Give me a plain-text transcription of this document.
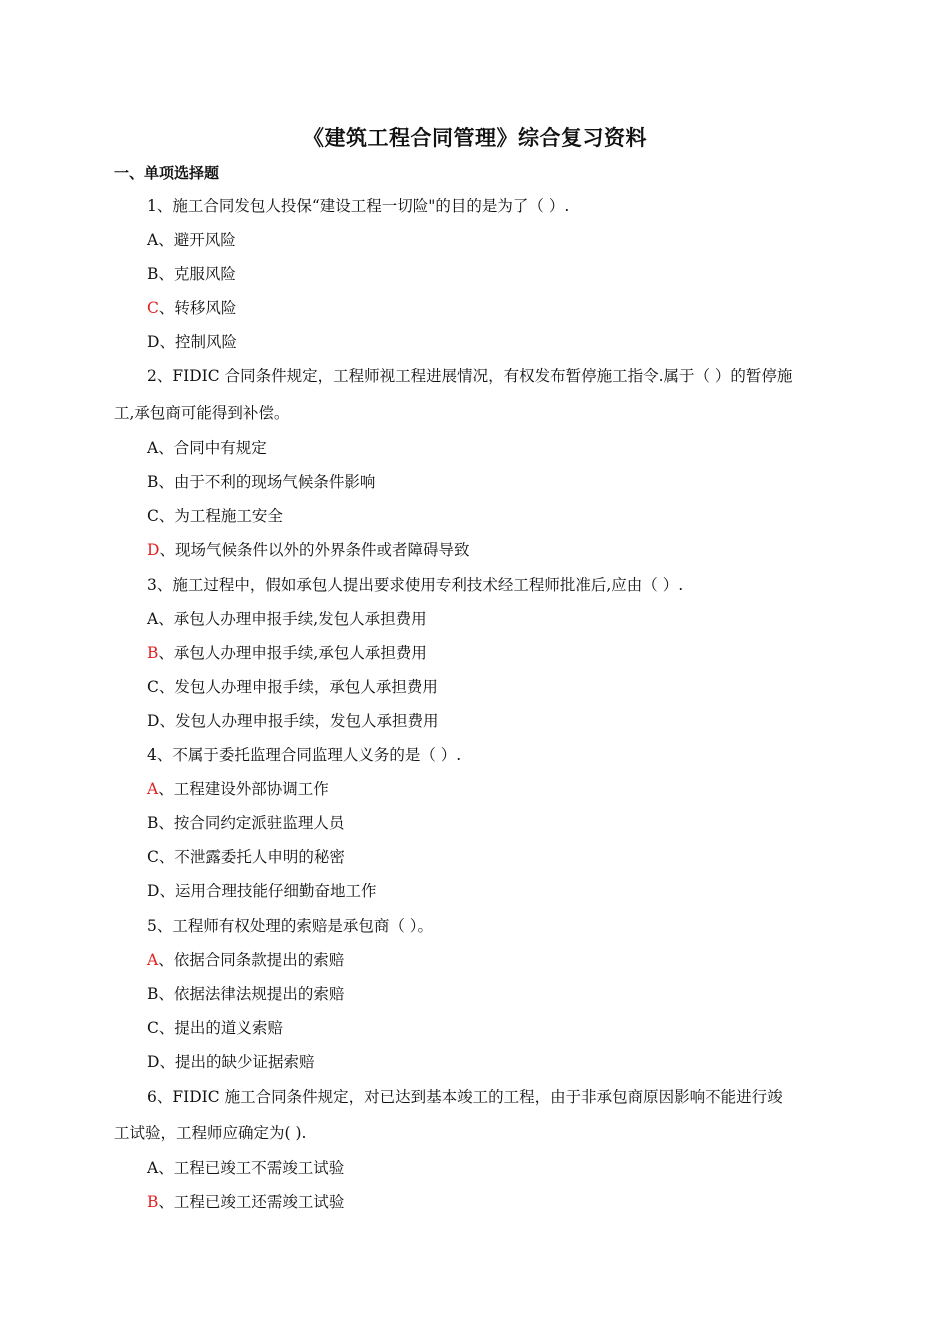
《建筑工程合同管理》综合复习资料
一、单项选择题
1、施工合同发包人投保“建设工程一切险"的目的是为了（ ）.
A、避开风险
B、克服风险
C、转移风险
D、控制风险
2、FIDIC 合同条件规定，工程师视工程进展情况，有权发布暂停施工指令.属于（ ）的暂停施
工,承包商可能得到补偿。
A、合同中有规定
B、由于不利的现场气候条件影响
C、为工程施工安全
D、现场气候条件以外的外界条件或者障碍导致
3、施工过程中，假如承包人提出要求使用专利技术经工程师批准后,应由（ ）.
A、承包人办理申报手续,发包人承担费用
B、承包人办理申报手续,承包人承担费用
C、发包人办理申报手续，承包人承担费用
D、发包人办理申报手续，发包人承担费用
4、不属于委托监理合同监理人义务的是（ ）.
A、工程建设外部协调工作
B、按合同约定派驻监理人员
C、不泄露委托人申明的秘密
D、运用合理技能仔细勤奋地工作
5、工程师有权处理的索赔是承包商（ ）。
A、依据合同条款提出的索赔
B、依据法律法规提出的索赔
C、提出的道义索赔
D、提出的缺少证据索赔
6、FIDIC 施工合同条件规定，对已达到基本竣工的工程，由于非承包商原因影响不能进行竣
工试验，工程师应确定为( ).
A、工程已竣工不需竣工试验
B、工程已竣工还需竣工试验
